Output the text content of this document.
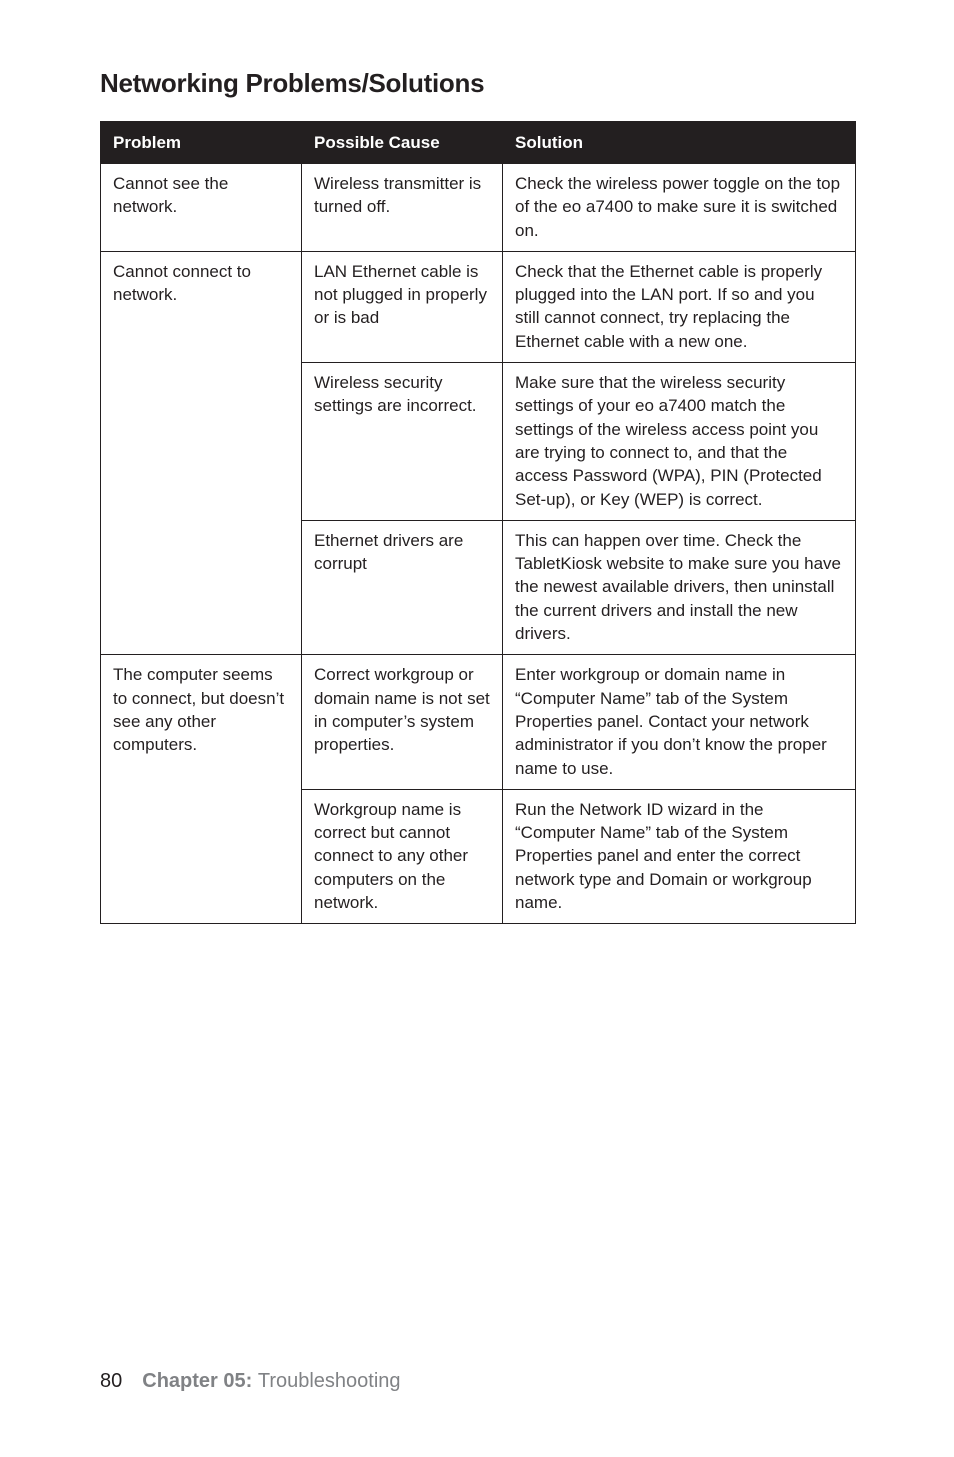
Networking Problems/Solutions
Problem	Possible Cause	Solution
Cannot see the network.	Wireless transmitter is turned off.	Check the wireless power toggle on the top of the eo a7400 to make sure it is switched on.
Cannot connect to network.	LAN Ethernet cable is not plugged in properly or is bad	Check that the Ethernet cable is properly plugged into the LAN port. If so and you still cannot connect, try replacing the Ethernet cable with a new one.
	Wireless security settings are incorrect.	Make sure that the wireless security settings of your eo a7400 match the settings of the wireless access point you are trying to connect to, and that the access Password (WPA), PIN (Protected Set-up), or Key (WEP) is correct.
	Ethernet drivers are corrupt	This can happen over time. Check the TabletKiosk website to make sure you have the newest available drivers, then uninstall the current drivers and install the new drivers.
The computer seems to connect, but doesn’t see any other computers.	Correct workgroup or domain name is not set in computer’s system properties.	Enter workgroup or domain name in “Computer Name” tab of the System Properties panel. Contact your network administrator if you don’t know the proper name to use.
	Workgroup name is correct but cannot connect to any other computers on the network.	Run the Network ID wizard in the “Computer Name” tab of the System Properties panel and enter the correct network type and Domain or workgroup name.
80 Chapter 05: Troubleshooting
